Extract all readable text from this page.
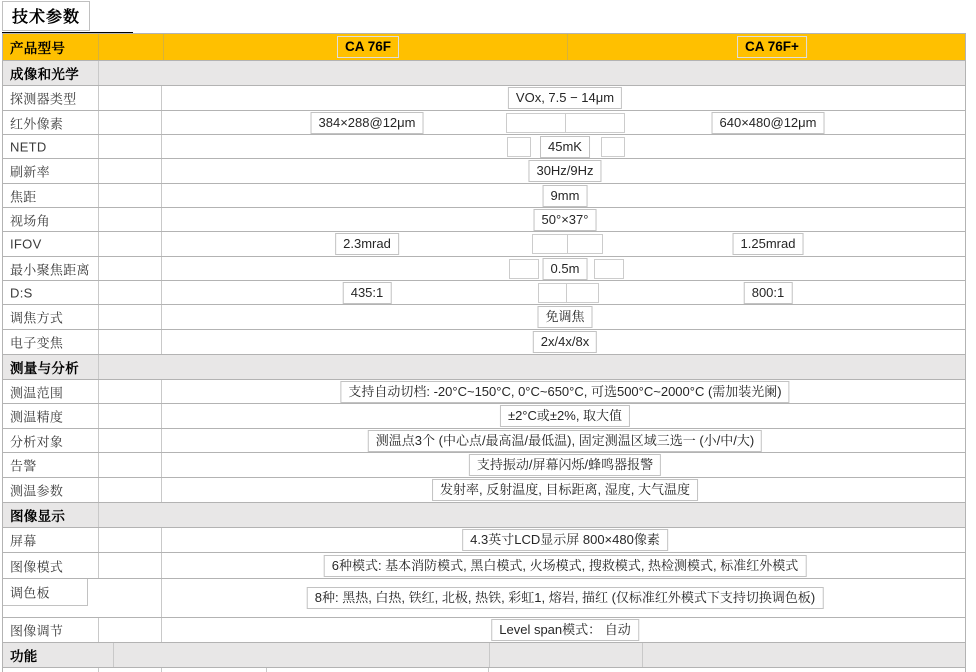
技术参数
产品型号	CA 76F	CA 76F+
成像和光学
探测器类型	VOx, 7.5 − 14μm
红外像素	384×288@12μm	640×480@12μm
NETD	45mK
刷新率	30Hz/9Hz
焦距	9mm
视场角	50°×37°
IFOV	2.3mrad	1.25mrad
最小聚焦距离	0.5m
D:S	435:1	800:1
调焦方式	免调焦
电子变焦	2x/4x/8x
测量与分析
测温范围	支持自动切档: -20°C~150°C, 0°C~650°C, 可选500°C~2000°C (需加装光阑)
测温精度	±2°C或±2%, 取大值
分析对象	测温点3个 (中心点/最高温/最低温), 固定测温区域三选一 (小/中/大)
告警	支持振动/屏幕闪烁/蜂鸣器报警
测温参数	发射率, 反射温度, 目标距离, 湿度, 大气温度
图像显示
屏幕	4.3英寸LCD显示屏 800×480像素
图像模式	6种模式: 基本消防模式, 黑白模式, 火场模式, 搜救模式, 热检测模式, 标准红外模式
调色板	8种: 黑热, 白热, 铁红, 北极, 热铁, 彩虹1, 熔岩, 描红 (仅标准红外模式下支持切换调色板)
图像调节	Level span模式： 自动
功能
